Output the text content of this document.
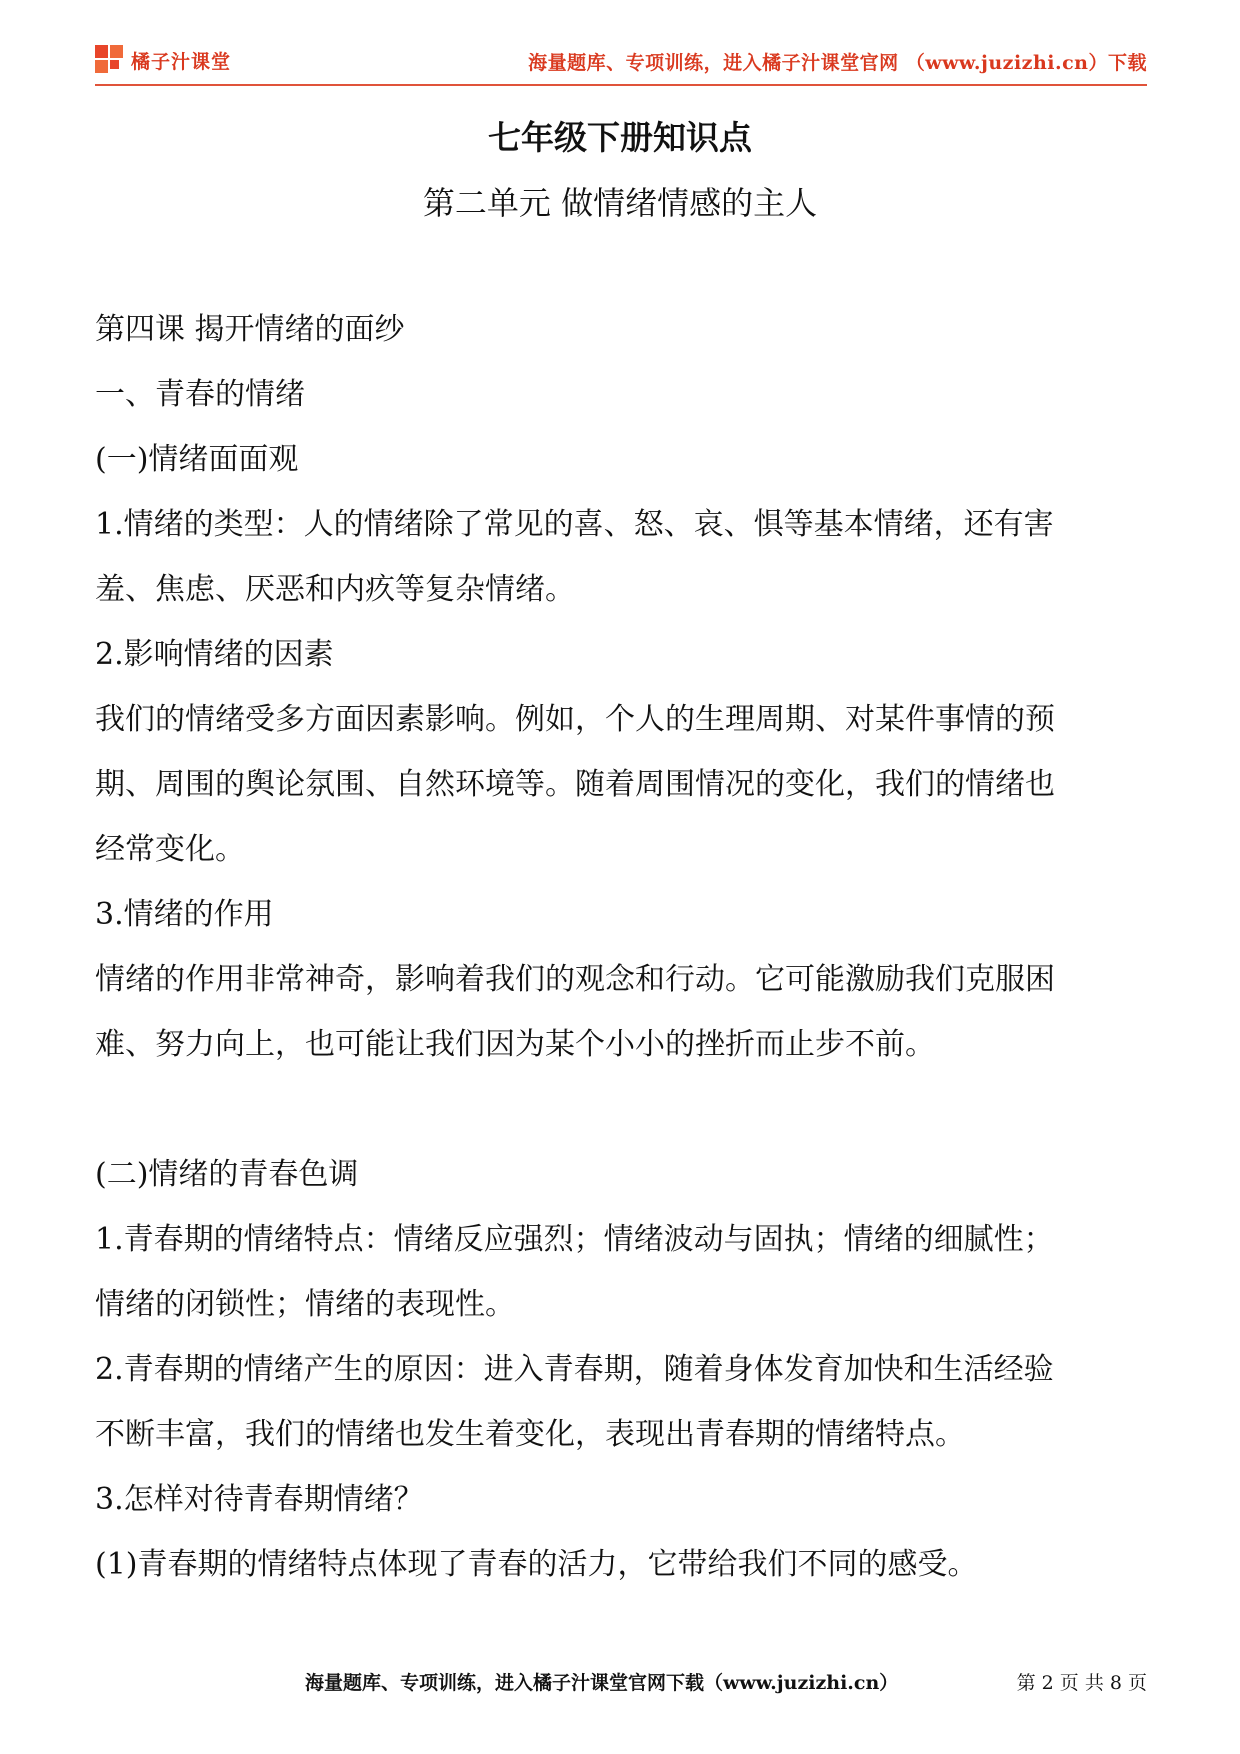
橘子汁课堂	海量题库、专项训练，进入橘子汁课堂官网 （www.juzizhi.cn）下载
七年级下册知识点
第二单元 做情绪情感的主人
第四课 揭开情绪的面纱
一、青春的情绪
(一)情绪面面观
1.情绪的类型：人的情绪除了常见的喜、怒、哀、惧等基本情绪，还有害
羞、焦虑、厌恶和内疚等复杂情绪。
2.影响情绪的因素
我们的情绪受多方面因素影响。例如，个人的生理周期、对某件事情的预
期、周围的舆论氛围、自然环境等。随着周围情况的变化，我们的情绪也
经常变化。
3.情绪的作用
情绪的作用非常神奇，影响着我们的观念和行动。它可能激励我们克服困
难、努力向上，也可能让我们因为某个小小的挫折而止步不前。
(二)情绪的青春色调
1.青春期的情绪特点：情绪反应强烈；情绪波动与固执；情绪的细腻性；
情绪的闭锁性；情绪的表现性。
2.青春期的情绪产生的原因：进入青春期，随着身体发育加快和生活经验
不断丰富，我们的情绪也发生着变化，表现出青春期的情绪特点。
3.怎样对待青春期情绪？
(1)青春期的情绪特点体现了青春的活力，它带给我们不同的感受。
海量题库、专项训练，进入橘子汁课堂官网下载（www.juzizhi.cn）	第 2 页 共 8 页
